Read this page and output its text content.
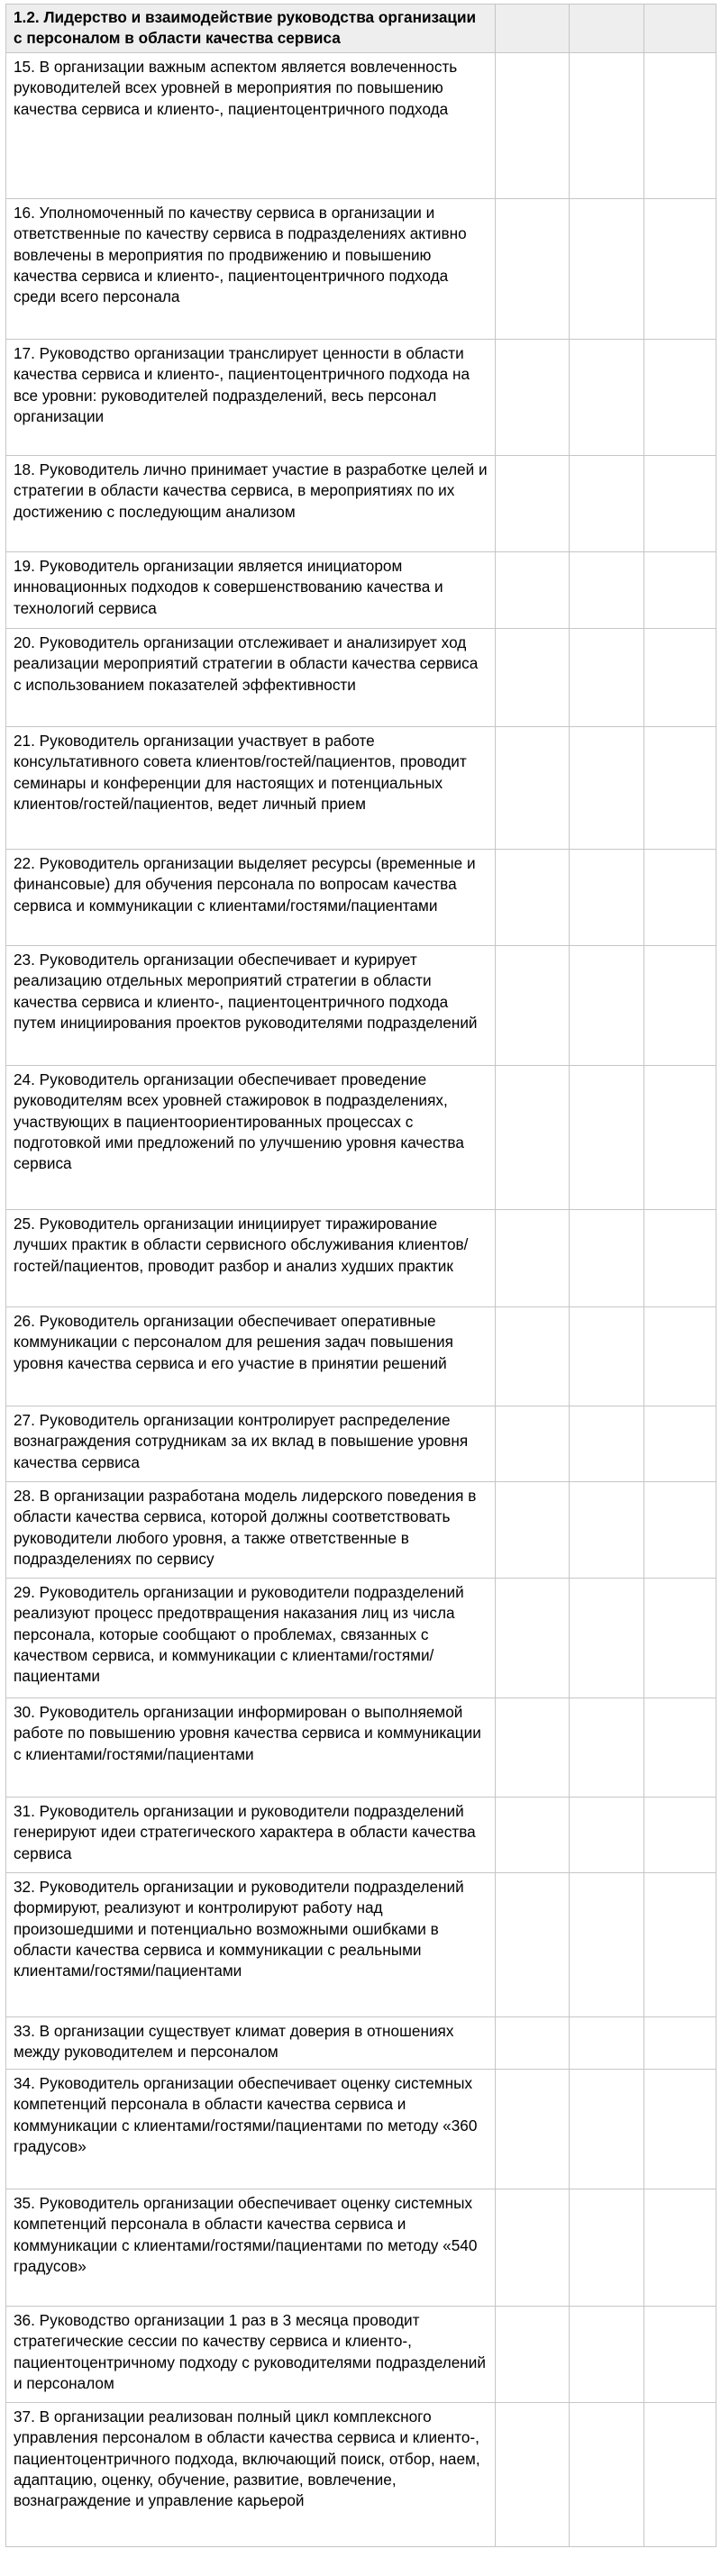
1.2. Лидерство и взаимодействие руководства организации с персоналом в области качества сервиса			
15. В организации важным аспектом является вовлеченность руководителей всех уровней в мероприятия по повышению качества сервиса и клиенто-, пациентоцентричного подхода			
16. Уполномоченный по качеству сервиса в организации и ответственные по качеству сервиса в подразделениях активно вовлечены в мероприятия по продвижению и повышению качества сервиса и клиенто-, пациентоцентричного подхода среди всего персонала			
17. Руководство организации транслирует ценности в области качества сервиса и клиенто-, пациентоцентричного подхода на все уровни: руководителей подразделений, весь персонал организации			
18. Руководитель лично принимает участие в разработке целей и стратегии в области качества сервиса, в мероприятиях по их достижению с последующим анализом			
19. Руководитель организации является инициатором инновационных подходов к совершенствованию качества и технологий сервиса			
20. Руководитель организации отслеживает и анализирует ход реализации мероприятий стратегии в области качества сервиса с использованием показателей эффективности			
21. Руководитель организации участвует в работе консультативного совета клиентов/гостей/пациентов, проводит семинары и конференции для настоящих и потенциальных клиентов/гостей/пациентов, ведет личный прием			
22. Руководитель организации выделяет ресурсы (временные и финансовые) для обучения персонала по вопросам качества сервиса и коммуникации с клиентами/гостями/пациентами			
23. Руководитель организации обеспечивает и курирует реализацию отдельных мероприятий стратегии в области качества сервиса и клиенто-, пациентоцентричного подхода путем инициирования проектов руководителями подразделений			
24. Руководитель организации обеспечивает проведение руководителям всех уровней стажировок в подразделениях, участвующих в пациентоориентированных процессах с подготовкой ими предложений по улучшению уровня качества сервиса			
25. Руководитель организации инициирует тиражирование лучших практик в области сервисного обслуживания клиентов/гостей/пациентов, проводит разбор и анализ худших практик			
26. Руководитель организации обеспечивает оперативные коммуникации с персоналом для решения задач повышения уровня качества сервиса и его участие в принятии решений			
27. Руководитель организации контролирует распределение вознаграждения сотрудникам за их вклад в повышение уровня качества сервиса			
28. В организации разработана модель лидерского поведения в области качества сервиса, которой должны соответствовать руководители любого уровня, а также ответственные в подразделениях по сервису			
29. Руководитель организации и руководители подразделений реализуют процесс предотвращения наказания лиц из числа персонала, которые сообщают о проблемах, связанных с качеством сервиса, и коммуникации с клиентами/гостями/пациентами			
30. Руководитель организации информирован о выполняемой работе по повышению уровня качества сервиса и коммуникации с клиентами/гостями/пациентами			
31. Руководитель организации и руководители подразделений генерируют идеи стратегического характера в области качества сервиса			
32. Руководитель организации и руководители подразделений формируют, реализуют и контролируют работу над произошедшими и потенциально возможными ошибками в области качества сервиса и коммуникации с реальными клиентами/гостями/пациентами			
33. В организации существует климат доверия в отношениях между руководителем и персоналом			
34. Руководитель организации обеспечивает оценку системных компетенций персонала в области качества сервиса и коммуникации с клиентами/гостями/пациентами по методу «360 градусов»			
35. Руководитель организации обеспечивает оценку системных компетенций персонала в области качества сервиса и коммуникации с клиентами/гостями/пациентами по методу «540 градусов»			
36. Руководство организации 1 раз в 3 месяца проводит стратегические сессии по качеству сервиса и клиенто-, пациентоцентричному подходу с руководителями подразделений и персоналом			
37. В организации реализован полный цикл комплексного управления персоналом в области качества сервиса и клиенто-, пациентоцентричного подхода, включающий поиск, отбор, наем, адаптацию, оценку, обучение, развитие, вовлечение, вознаграждение и управление карьерой			
